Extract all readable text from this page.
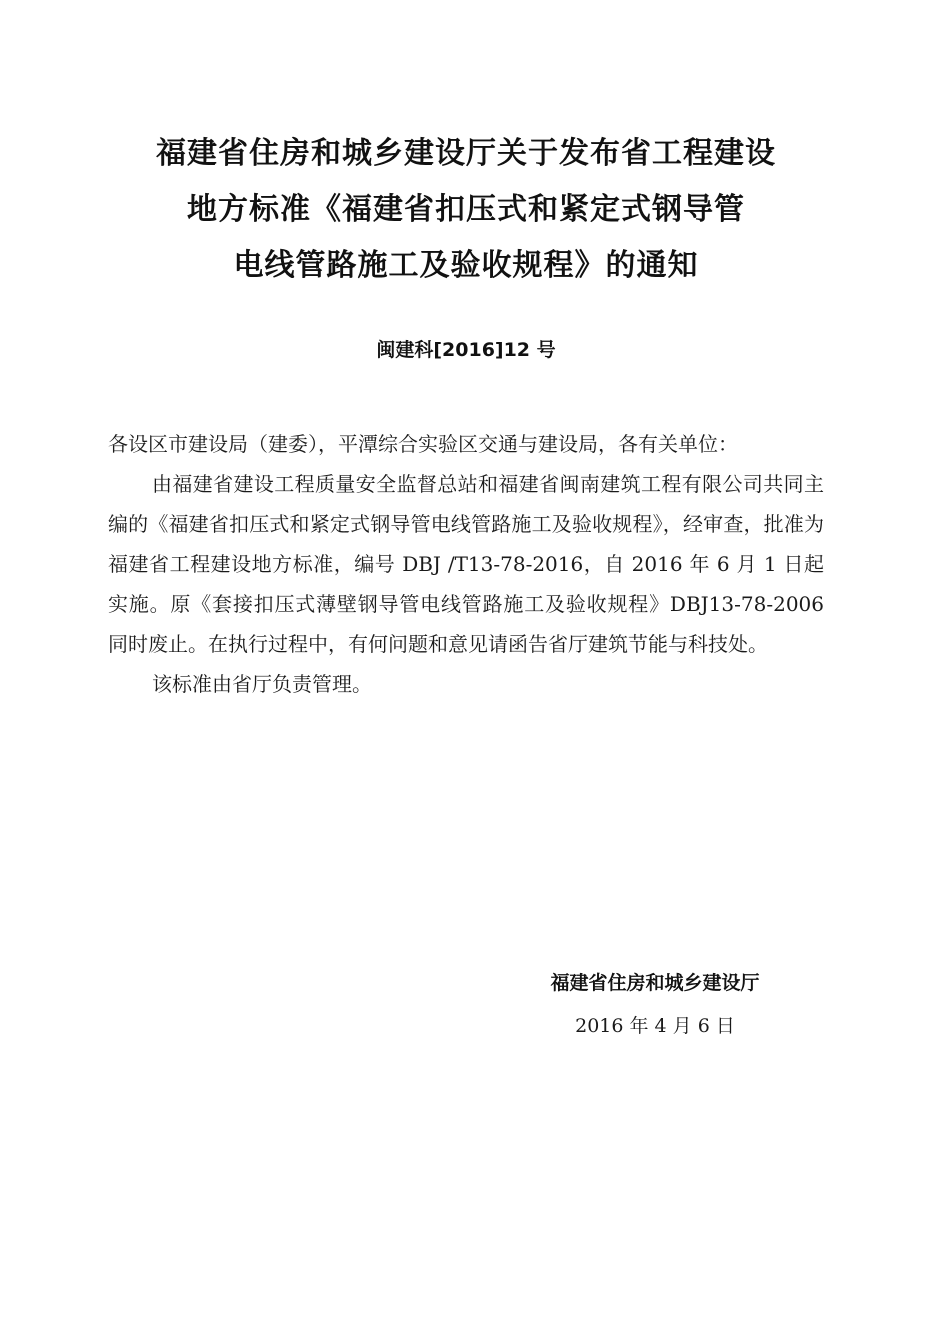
福建省住房和城乡建设厅关于发布省工程建设
地方标准《福建省扣压式和紧定式钢导管
电线管路施工及验收规程》的通知
闽建科[2016]12 号

各设区市建设局（建委），平潭综合实验区交通与建设局，各有关单位：

由福建省建设工程质量安全监督总站和福建省闽南建筑工程有限公司共同主编的《福建省扣压式和紧定式钢导管电线管路施工及验收规程》，经审查，批准为福建省工程建设地方标准，编号 DBJ /T13-78-2016，自 2016 年 6 月 1 日起实施。原《套接扣压式薄壁钢导管电线管路施工及验收规程》DBJ13-78-2006 同时废止。在执行过程中，有何问题和意见请函告省厅建筑节能与科技处。

该标准由省厅负责管理。

福建省住房和城乡建设厅
2016 年 4 月 6 日
